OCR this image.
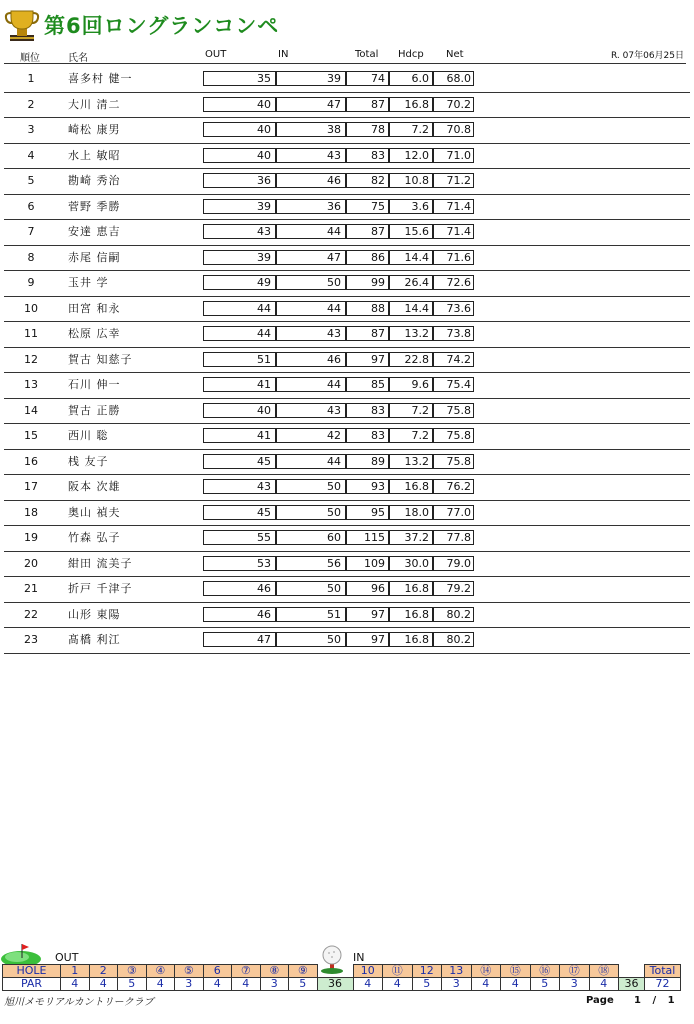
第6回ロングランコンペ
R. 07年06月25日
順位	氏名	OUT	IN	Total Hdcp Net
1	喜多村 健一	35	39	74	6.0	68.0
2	大川 清二	40	47	87	16.8	70.2
3	崎松 康男	40	38	78	7.2	70.8
4	水上 敏昭	40	43	83	12.0	71.0
5	勘崎 秀治	36	46	82	10.8	71.2
6	菅野 季勝	39	36	75	3.6	71.4
7	安達 恵吉	43	44	87	15.6	71.4
8	赤尾 信嗣	39	47	86	14.4	71.6
9	玉井 学	49	50	99	26.4	72.6
10	田宮 和永	44	44	88	14.4	73.6
11	松原 広幸	44	43	87	13.2	73.8
12	賀古 知慈子	51	46	97	22.8	74.2
13	石川 伸一	41	44	85	9.6	75.4
14	賀古 正勝	40	43	83	7.2	75.8
15	西川 聡	41	42	83	7.2	75.8
16	桟 友子	45	44	89	13.2	75.8
17	阪本 次雄	43	50	93	16.8	76.2
18	奥山 禎夫	45	50	95	18.0	77.0
19	竹森 弘子	55	60	115	37.2	77.8
20	紺田 流美子	53	56	109	30.0	79.0
21	折戸 千津子	46	50	96	16.8	79.2
22	山形 東陽	46	51	97	16.8	80.2
23	髙橋 利江	47	50	97	16.8	80.2
OUT	IN
HOLE	1	2	③	④	⑤	6	⑦	⑧	⑨		10	⑪	12	13	⑭	⑮	⑯	⑰	⑱		Total
PAR	4	4	5	4	3	4	4	3	5	36	4	4	5	3	4	4	5	3	4	36	72
旭川メモリアルカントリークラブ	Page 1 / 1
